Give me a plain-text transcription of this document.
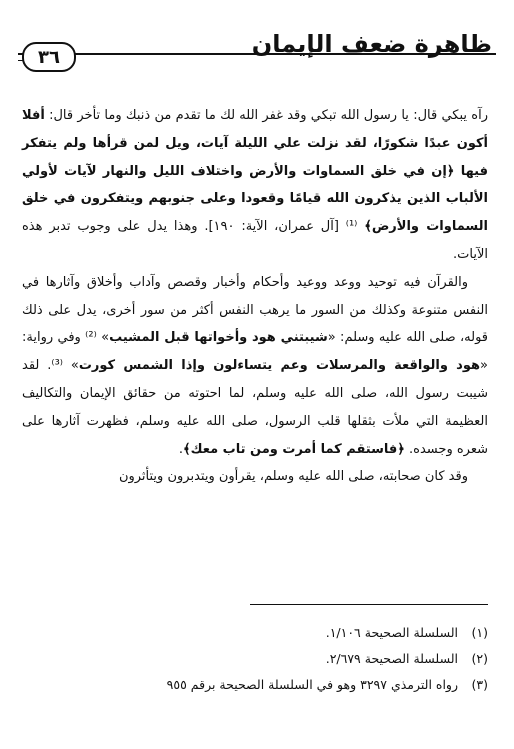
ظاهرة ضعف الإيمان
٣٦

رآه يبكي قال: يا رسول الله تبكي وقد غفر الله لك ما تقدم من ذنبك وما تأخر قال: أفلا أكون عبدًا شكورًا، لقد نزلت علي الليلة آيات، ويل لمن قرأها ولم يتفكر فيها ﴿إن في خلق السماوات والأرض واختلاف الليل والنهار لآيات لأولي الألباب الذين يذكرون الله قيامًا وقعودا وعلى جنوبهم ويتفكرون في خلق السماوات والأرض﴾ ⁽¹⁾ [آل عمران، الآية: ١٩٠]. وهذا يدل على وجوب تدبر هذه الآيات.

والقرآن فيه توحيد ووعد ووعيد وأحكام وأخبار وقصص وآداب وأخلاق وآثارها في النفس متنوعة وكذلك من السور ما يرهب النفس أكثر من سور أخرى، يدل على ذلك قوله، صلى الله عليه وسلم: «شيبتني هود وأخواتها قبل المشيب» ⁽²⁾ وفي رواية: «هود والواقعة والمرسلات وعم يتساءلون وإذا الشمس كورت» ⁽³⁾. لقد شيبت رسول الله، صلى الله عليه وسلم، لما احتوته من حقائق الإيمان والتكاليف العظيمة التي ملأت بثقلها قلب الرسول، صلى الله عليه وسلم، فظهرت آثارها على شعره وجسده. ﴿فاستقم كما أمرت ومن تاب معك﴾.

وقد كان صحابته، صلى الله عليه وسلم، يقرأون ويتدبرون ويتأثرون

(١) السلسلة الصحيحة ١/١٠٦.

(٢) السلسلة الصحيحة ٢/٦٧٩.

(٣) رواه الترمذي ٣٢٩٧ وهو في السلسلة الصحيحة برقم ٩٥٥
